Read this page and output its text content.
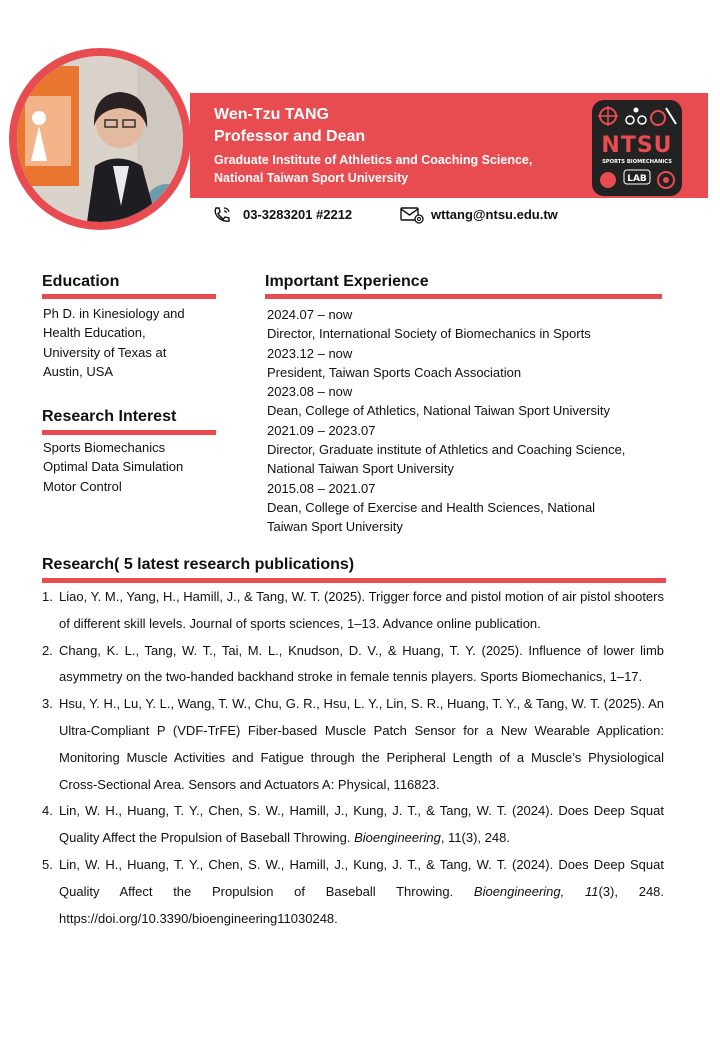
Wen-Tzu TANG
Professor and Dean
Graduate Institute of Athletics and Coaching Science,
National Taiwan Sport University
NTSU
SPORTS BIOMECHANICS
LAB
03-3283201 #2212	wttang@ntsu.edu.tw
Education
Ph D. in Kinesiology and
Health Education,
University of Texas at
Austin, USA
Research Interest
Sports Biomechanics
Optimal Data Simulation
Motor Control
Important Experience
2024.07 – now
Director, International Society of Biomechanics in Sports
2023.12 – now
President, Taiwan Sports Coach Association
2023.08 – now
Dean, College of Athletics, National Taiwan Sport University
2021.09 – 2023.07
Director, Graduate institute of Athletics and Coaching Science,
National Taiwan Sport University
2015.08 – 2021.07
Dean, College of Exercise and Health Sciences, National
Taiwan Sport University
Research( 5 latest research publications)
1. Liao, Y. M., Yang, H., Hamill, J., & Tang, W. T. (2025). Trigger force and pistol motion of air pistol shooters of different skill levels. Journal of sports sciences, 1–13. Advance online publication.
2. Chang, K. L., Tang, W. T., Tai, M. L., Knudson, D. V., & Huang, T. Y. (2025). Influence of lower limb asymmetry on the two-handed backhand stroke in female tennis players. Sports Biomechanics, 1–17.
3. Hsu, Y. H., Lu, Y. L., Wang, T. W., Chu, G. R., Hsu, L. Y., Lin, S. R., Huang, T. Y., & Tang, W. T. (2025). An Ultra-Compliant P (VDF-TrFE) Fiber-based Muscle Patch Sensor for a New Wearable Application: Monitoring Muscle Activities and Fatigue through the Peripheral Length of a Muscle’s Physiological Cross-Sectional Area. Sensors and Actuators A: Physical, 116823.
4. Lin, W. H., Huang, T. Y., Chen, S. W., Hamill, J., Kung, J. T., & Tang, W. T. (2024). Does Deep Squat Quality Affect the Propulsion of Baseball Throwing. Bioengineering, 11(3), 248.
5. Lin, W. H., Huang, T. Y., Chen, S. W., Hamill, J., Kung, J. T., & Tang, W. T. (2024). Does Deep Squat Quality Affect the Propulsion of Baseball Throwing. Bioengineering, 11(3), 248. https://doi.org/10.3390/bioengineering11030248.
